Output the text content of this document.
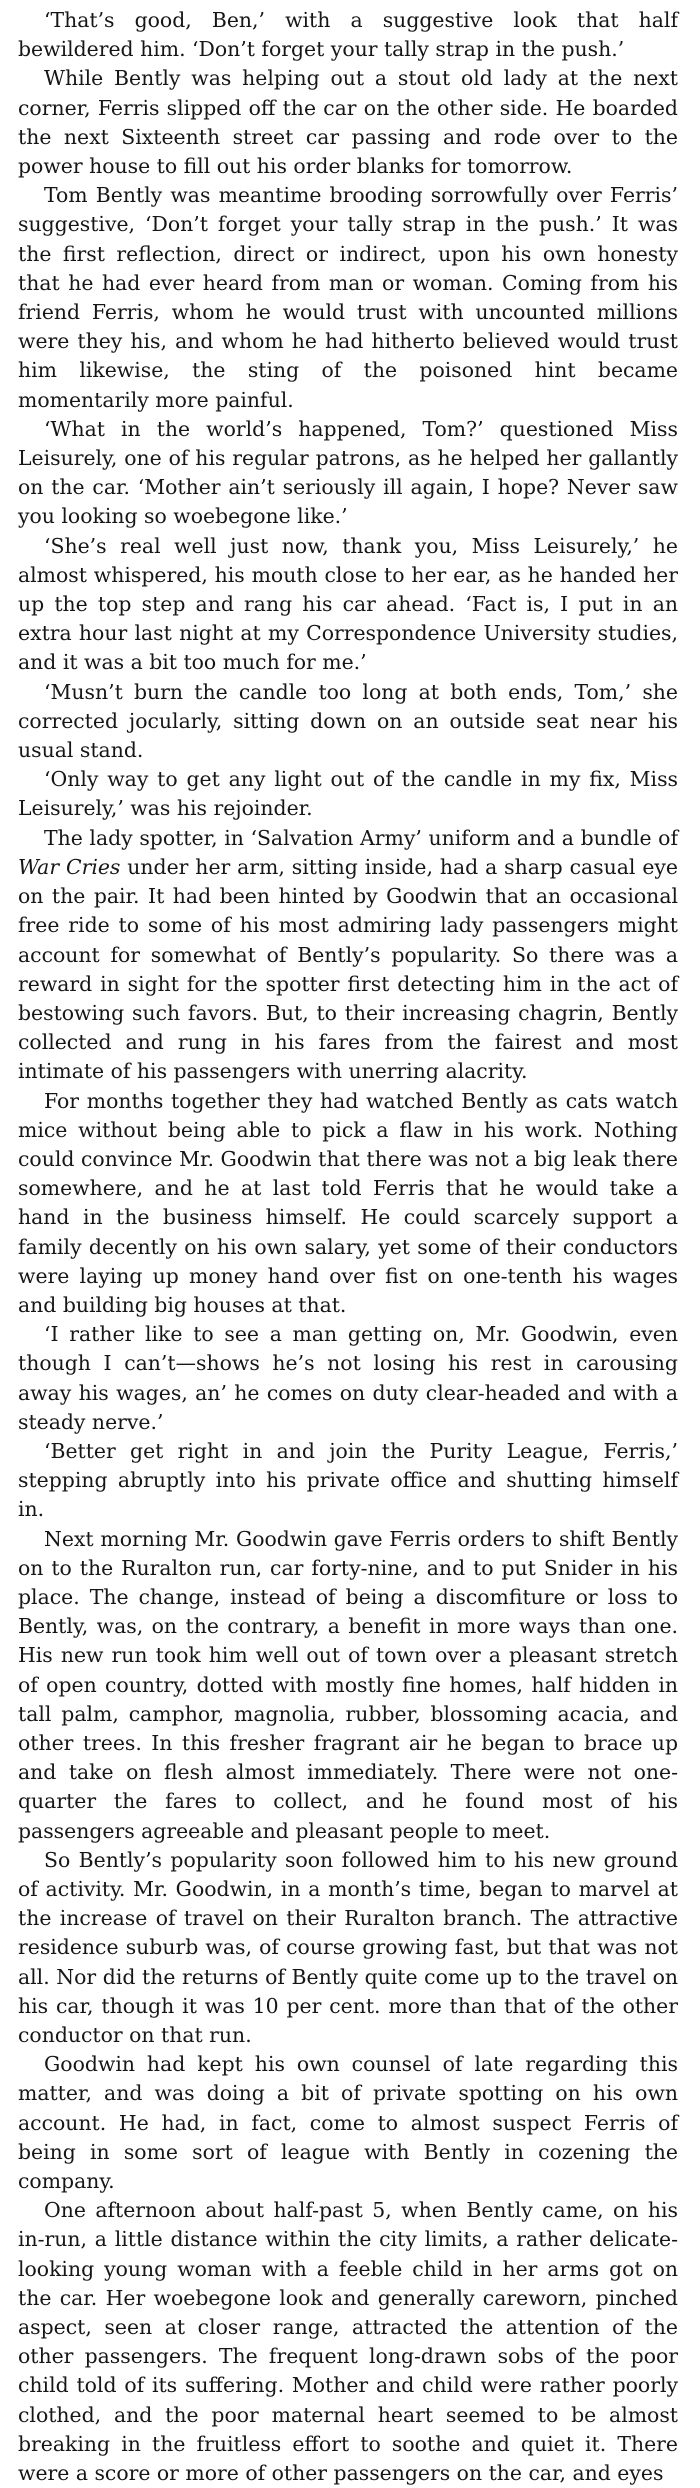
‘That’s good, Ben,’ with a suggestive look that half bewildered him. ‘Don’t forget your tally strap in the push.’

While Bently was helping out a stout old lady at the next corner, Ferris slipped off the car on the other side. He boarded the next Sixteenth street car passing and rode over to the power house to fill out his order blanks for tomorrow.

Tom Bently was meantime brooding sorrowfully over Ferris’ suggestive, ‘Don’t forget your tally strap in the push.’ It was the first reflection, direct or indirect, upon his own honesty that he had ever heard from man or woman. Coming from his friend Ferris, whom he would trust with uncounted millions were they his, and whom he had hitherto believed would trust him likewise, the sting of the poisoned hint became momentarily more painful.

‘What in the world’s happened, Tom?’ questioned Miss Leisurely, one of his regular patrons, as he helped her gallantly on the car. ‘Mother ain’t seriously ill again, I hope? Never saw you looking so woebegone like.’

‘She’s real well just now, thank you, Miss Leisurely,’ he almost whispered, his mouth close to her ear, as he handed her up the top step and rang his car ahead. ‘Fact is, I put in an extra hour last night at my Correspondence University studies, and it was a bit too much for me.’

‘Musn’t burn the candle too long at both ends, Tom,’ she corrected jocularly, sitting down on an outside seat near his usual stand.

‘Only way to get any light out of the candle in my fix, Miss Leisurely,’ was his rejoinder.

The lady spotter, in ‘Salvation Army’ uniform and a bundle of War Cries under her arm, sitting inside, had a sharp casual eye on the pair. It had been hinted by Goodwin that an occasional free ride to some of his most admiring lady passengers might account for somewhat of Bently’s popularity. So there was a reward in sight for the spotter first detecting him in the act of bestowing such favors. But, to their increasing chagrin, Bently collected and rung in his fares from the fairest and most intimate of his passengers with unerring alacrity.

For months together they had watched Bently as cats watch mice without being able to pick a flaw in his work. Nothing could convince Mr. Goodwin that there was not a big leak there somewhere, and he at last told Ferris that he would take a hand in the business himself. He could scarcely support a family decently on his own salary, yet some of their conductors were laying up money hand over fist on one-tenth his wages and building big houses at that.

‘I rather like to see a man getting on, Mr. Goodwin, even though I can’t—shows he’s not losing his rest in carousing away his wages, an’ he comes on duty clear-headed and with a steady nerve.’

‘Better get right in and join the Purity League, Ferris,’ stepping abruptly into his private office and shutting himself in.

Next morning Mr. Goodwin gave Ferris orders to shift Bently on to the Ruralton run, car forty-nine, and to put Snider in his place. The change, instead of being a discomfiture or loss to Bently, was, on the contrary, a benefit in more ways than one. His new run took him well out of town over a pleasant stretch of open country, dotted with mostly fine homes, half hidden in tall palm, camphor, magnolia, rubber, blossoming acacia, and other trees. In this fresher fragrant air he began to brace up and take on flesh almost immediately. There were not one-quarter the fares to collect, and he found most of his passengers agreeable and pleasant people to meet.

So Bently’s popularity soon followed him to his new ground of activity. Mr. Goodwin, in a month’s time, began to marvel at the increase of travel on their Ruralton branch. The attractive residence suburb was, of course growing fast, but that was not all. Nor did the returns of Bently quite come up to the travel on his car, though it was 10 per cent. more than that of the other conductor on that run.

Goodwin had kept his own counsel of late regarding this matter, and was doing a bit of private spotting on his own account. He had, in fact, come to almost suspect Ferris of being in some sort of league with Bently in cozening the company.

One afternoon about half-past 5, when Bently came, on his in-run, a little distance within the city limits, a rather delicate-looking young woman with a feeble child in her arms got on the car. Her woebegone look and generally careworn, pinched aspect, seen at closer range, attracted the attention of the other passengers. The frequent long-drawn sobs of the poor child told of its suffering. Mother and child were rather poorly clothed, and the poor maternal heart seemed to be almost breaking in the fruitless effort to soothe and quiet it. There were a score or more of other passengers on the car, and eyes
